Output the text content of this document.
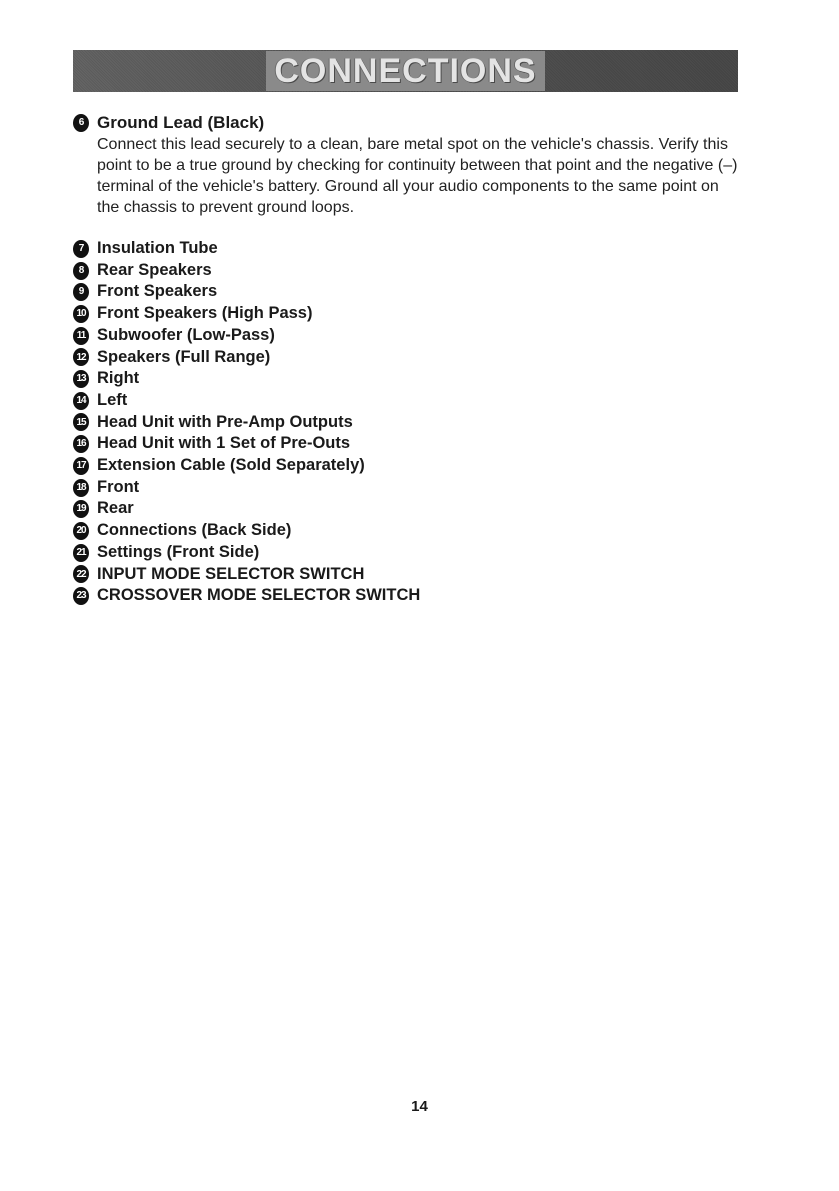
CONNECTIONS
6 Ground Lead (Black)

Connect this lead securely to a clean, bare metal spot on the vehicle's chassis. Verify this point to be a true ground by checking for continuity between that point and the negative (–) terminal of the vehicle's battery. Ground all your audio components to the same point on the chassis to prevent ground loops.

7 Insulation Tube
8 Rear Speakers
9 Front Speakers
10 Front Speakers (High Pass)
11 Subwoofer (Low-Pass)
12 Speakers (Full Range)
13 Right
14 Left
15 Head Unit with Pre-Amp Outputs
16 Head Unit with 1 Set of Pre-Outs
17 Extension Cable (Sold Separately)
18 Front
19 Rear
20 Connections (Back Side)
21 Settings (Front Side)
22 INPUT MODE SELECTOR SWITCH
23 CROSSOVER MODE SELECTOR SWITCH
14
